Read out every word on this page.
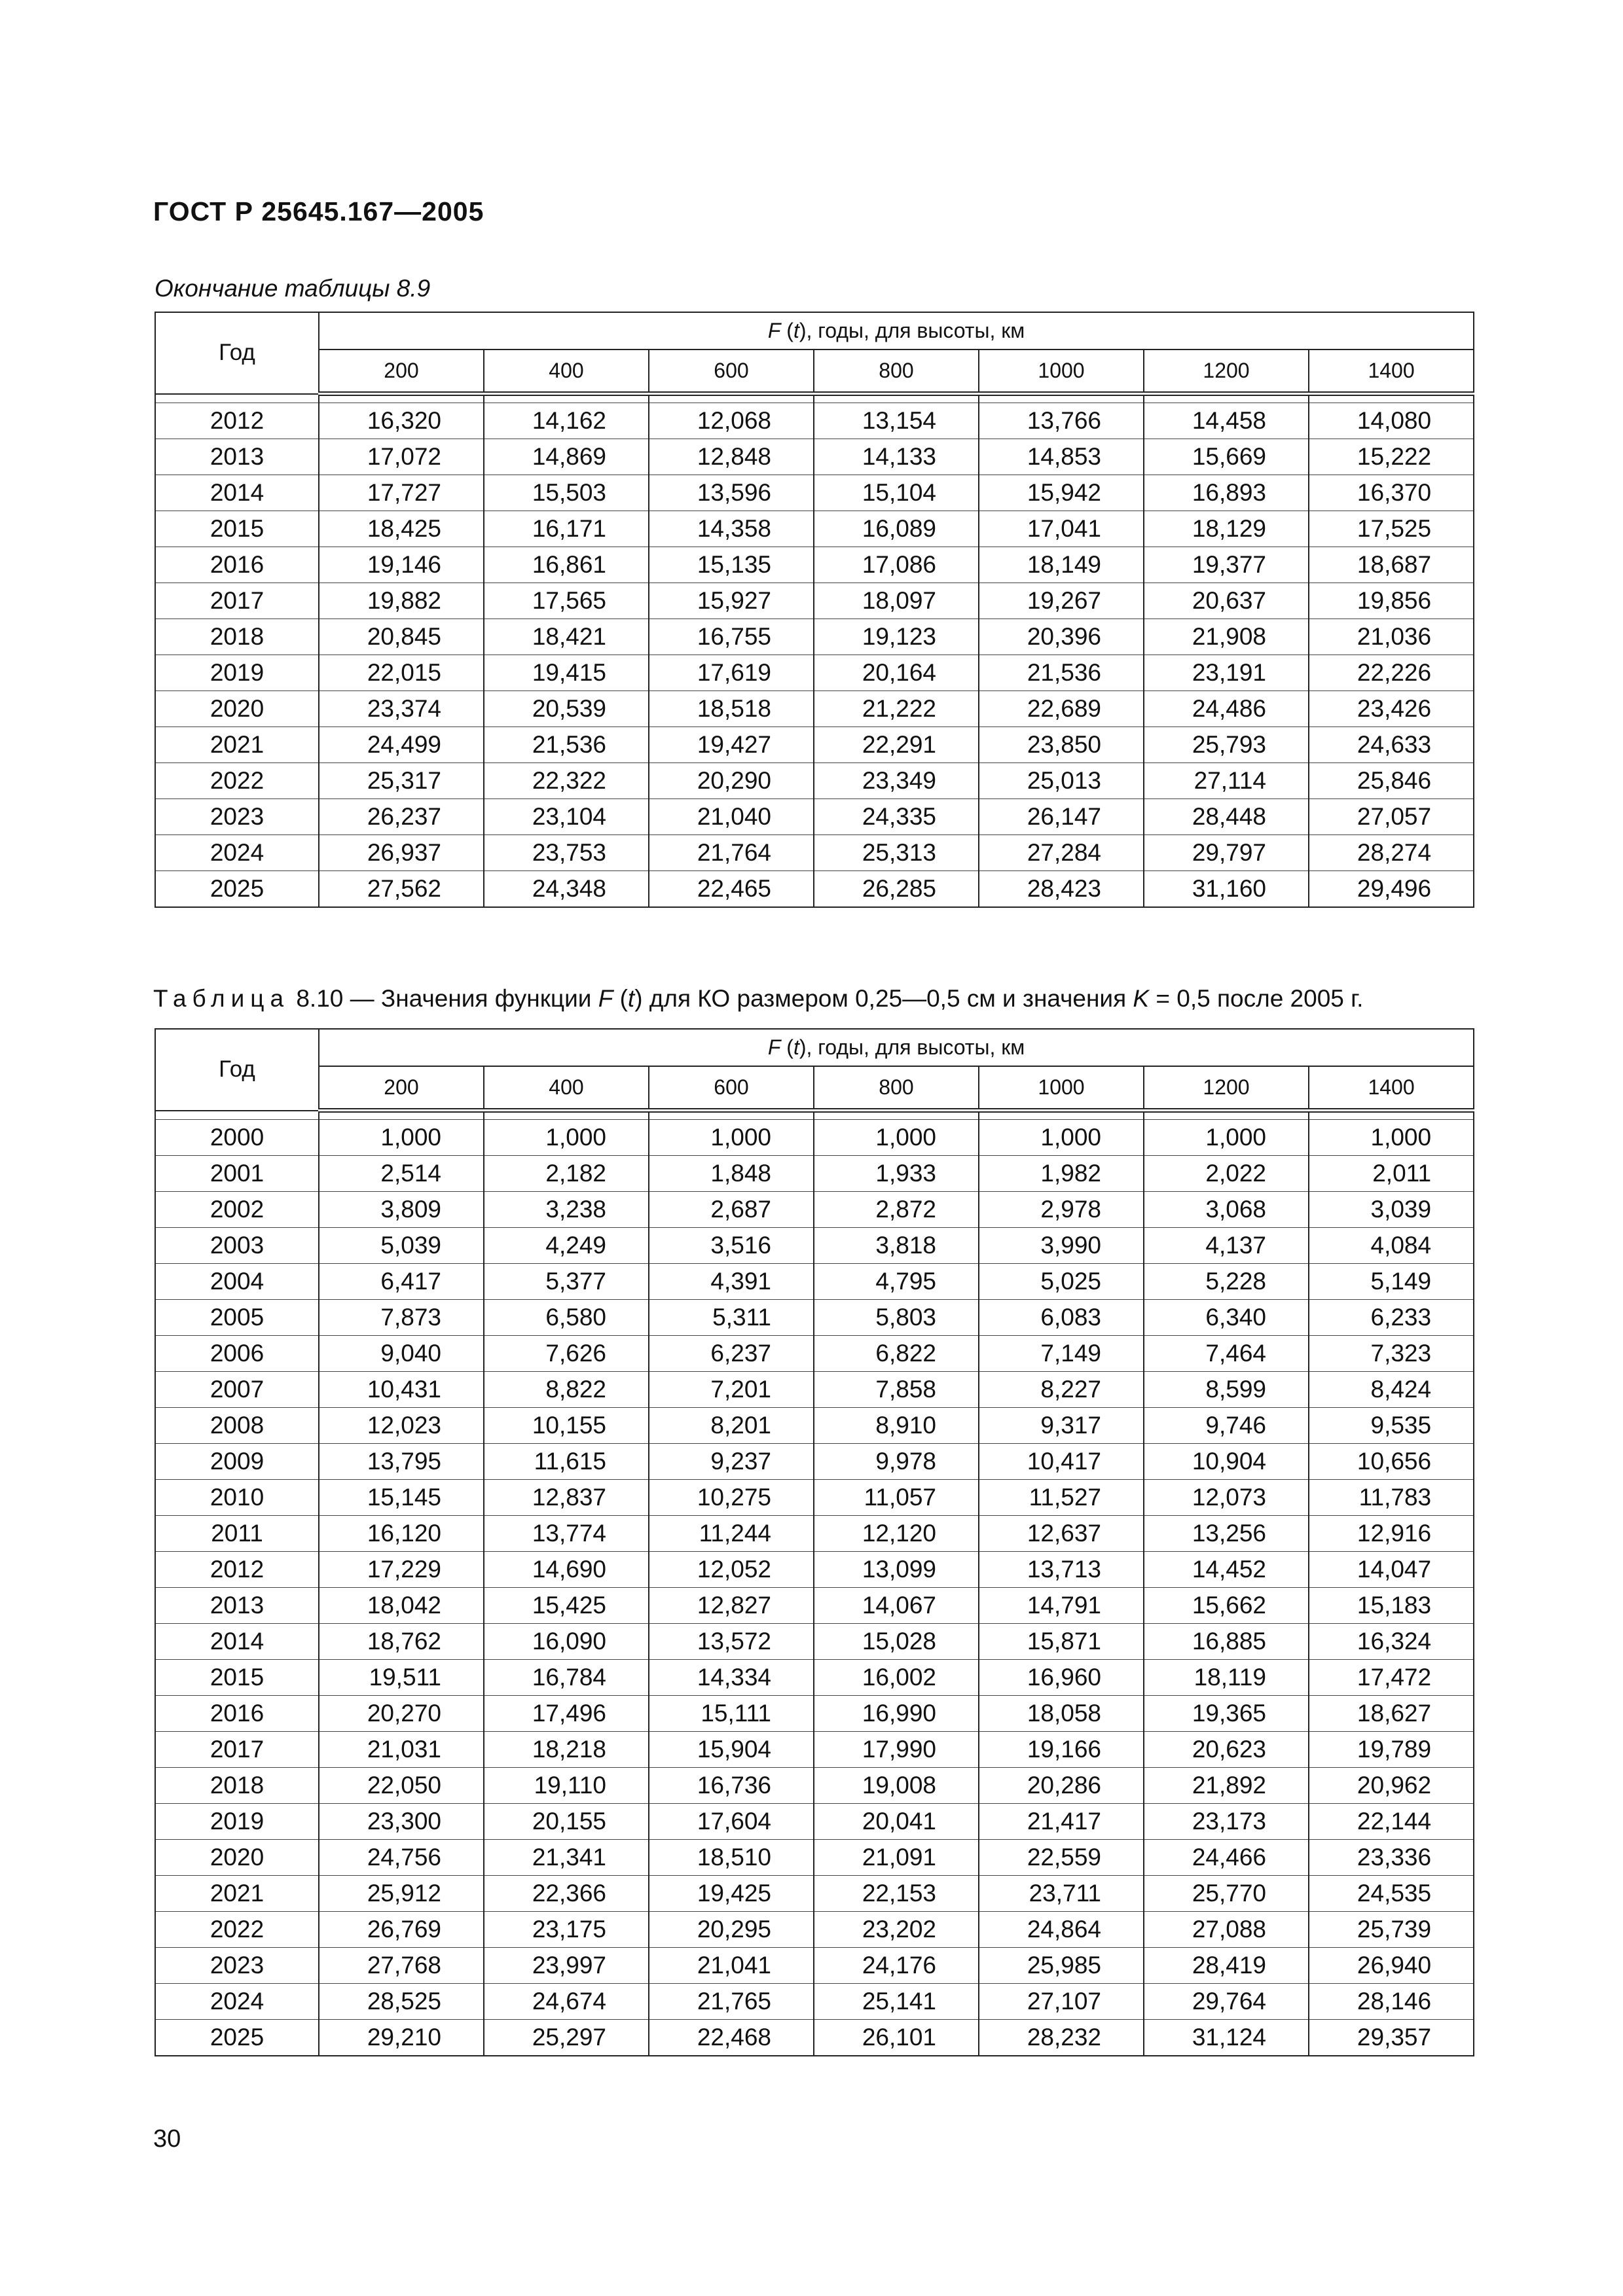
ГОСТ Р 25645.167—2005

Окончание таблицы 8.9

Год	F (t), годы, для высоты, км						
	200	400	600	800	1000	1200	1400

2012	16,320	14,162	12,068	13,154	13,766	14,458	14,080
2013	17,072	14,869	12,848	14,133	14,853	15,669	15,222
2014	17,727	15,503	13,596	15,104	15,942	16,893	16,370
2015	18,425	16,171	14,358	16,089	17,041	18,129	17,525
2016	19,146	16,861	15,135	17,086	18,149	19,377	18,687
2017	19,882	17,565	15,927	18,097	19,267	20,637	19,856
2018	20,845	18,421	16,755	19,123	20,396	21,908	21,036
2019	22,015	19,415	17,619	20,164	21,536	23,191	22,226
2020	23,374	20,539	18,518	21,222	22,689	24,486	23,426
2021	24,499	21,536	19,427	22,291	23,850	25,793	24,633
2022	25,317	22,322	20,290	23,349	25,013	27,114	25,846
2023	26,237	23,104	21,040	24,335	26,147	28,448	27,057
2024	26,937	23,753	21,764	25,313	27,284	29,797	28,274
2025	27,562	24,348	22,465	26,285	28,423	31,160	29,496

Таблица 8.10 — Значения функции F (t) для КО размером 0,25—0,5 см и значения K = 0,5 после 2005 г.

Год	F (t), годы, для высоты, км						
	200	400	600	800	1000	1200	1400

2000	1,000	1,000	1,000	1,000	1,000	1,000	1,000
2001	2,514	2,182	1,848	1,933	1,982	2,022	2,011
2002	3,809	3,238	2,687	2,872	2,978	3,068	3,039
2003	5,039	4,249	3,516	3,818	3,990	4,137	4,084
2004	6,417	5,377	4,391	4,795	5,025	5,228	5,149
2005	7,873	6,580	5,311	5,803	6,083	6,340	6,233
2006	9,040	7,626	6,237	6,822	7,149	7,464	7,323
2007	10,431	8,822	7,201	7,858	8,227	8,599	8,424
2008	12,023	10,155	8,201	8,910	9,317	9,746	9,535
2009	13,795	11,615	9,237	9,978	10,417	10,904	10,656
2010	15,145	12,837	10,275	11,057	11,527	12,073	11,783
2011	16,120	13,774	11,244	12,120	12,637	13,256	12,916
2012	17,229	14,690	12,052	13,099	13,713	14,452	14,047
2013	18,042	15,425	12,827	14,067	14,791	15,662	15,183
2014	18,762	16,090	13,572	15,028	15,871	16,885	16,324
2015	19,511	16,784	14,334	16,002	16,960	18,119	17,472
2016	20,270	17,496	15,111	16,990	18,058	19,365	18,627
2017	21,031	18,218	15,904	17,990	19,166	20,623	19,789
2018	22,050	19,110	16,736	19,008	20,286	21,892	20,962
2019	23,300	20,155	17,604	20,041	21,417	23,173	22,144
2020	24,756	21,341	18,510	21,091	22,559	24,466	23,336
2021	25,912	22,366	19,425	22,153	23,711	25,770	24,535
2022	26,769	23,175	20,295	23,202	24,864	27,088	25,739
2023	27,768	23,997	21,041	24,176	25,985	28,419	26,940
2024	28,525	24,674	21,765	25,141	27,107	29,764	28,146
2025	29,210	25,297	22,468	26,101	28,232	31,124	29,357

30
